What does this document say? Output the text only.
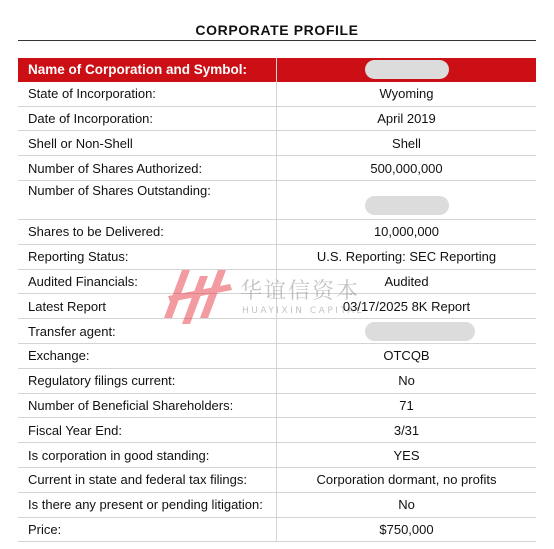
CORPORATE PROFILE
Name of Corporation and Symbol:	
State of Incorporation:	Wyoming
Date of Incorporation:	April 2019
Shell or Non-Shell	Shell
Number of Shares Authorized:	500,000,000
Number of Shares Outstanding:	
Shares to be Delivered:	10,000,000
Reporting Status:	U.S. Reporting: SEC Reporting
Audited Financials:	Audited
Latest Report	03/17/2025 8K Report
Transfer agent:	
Exchange:	OTCQB
Regulatory filings current:	No
Number of Beneficial Shareholders:	71
Fiscal Year End:	3/31
Is corporation in good standing:	YES
Current in state and federal tax filings:	Corporation dormant, no profits
Is there any present or pending litigation:	No
Price:	$750,000
华谊信资本
HUAYIXIN CAPITAL
